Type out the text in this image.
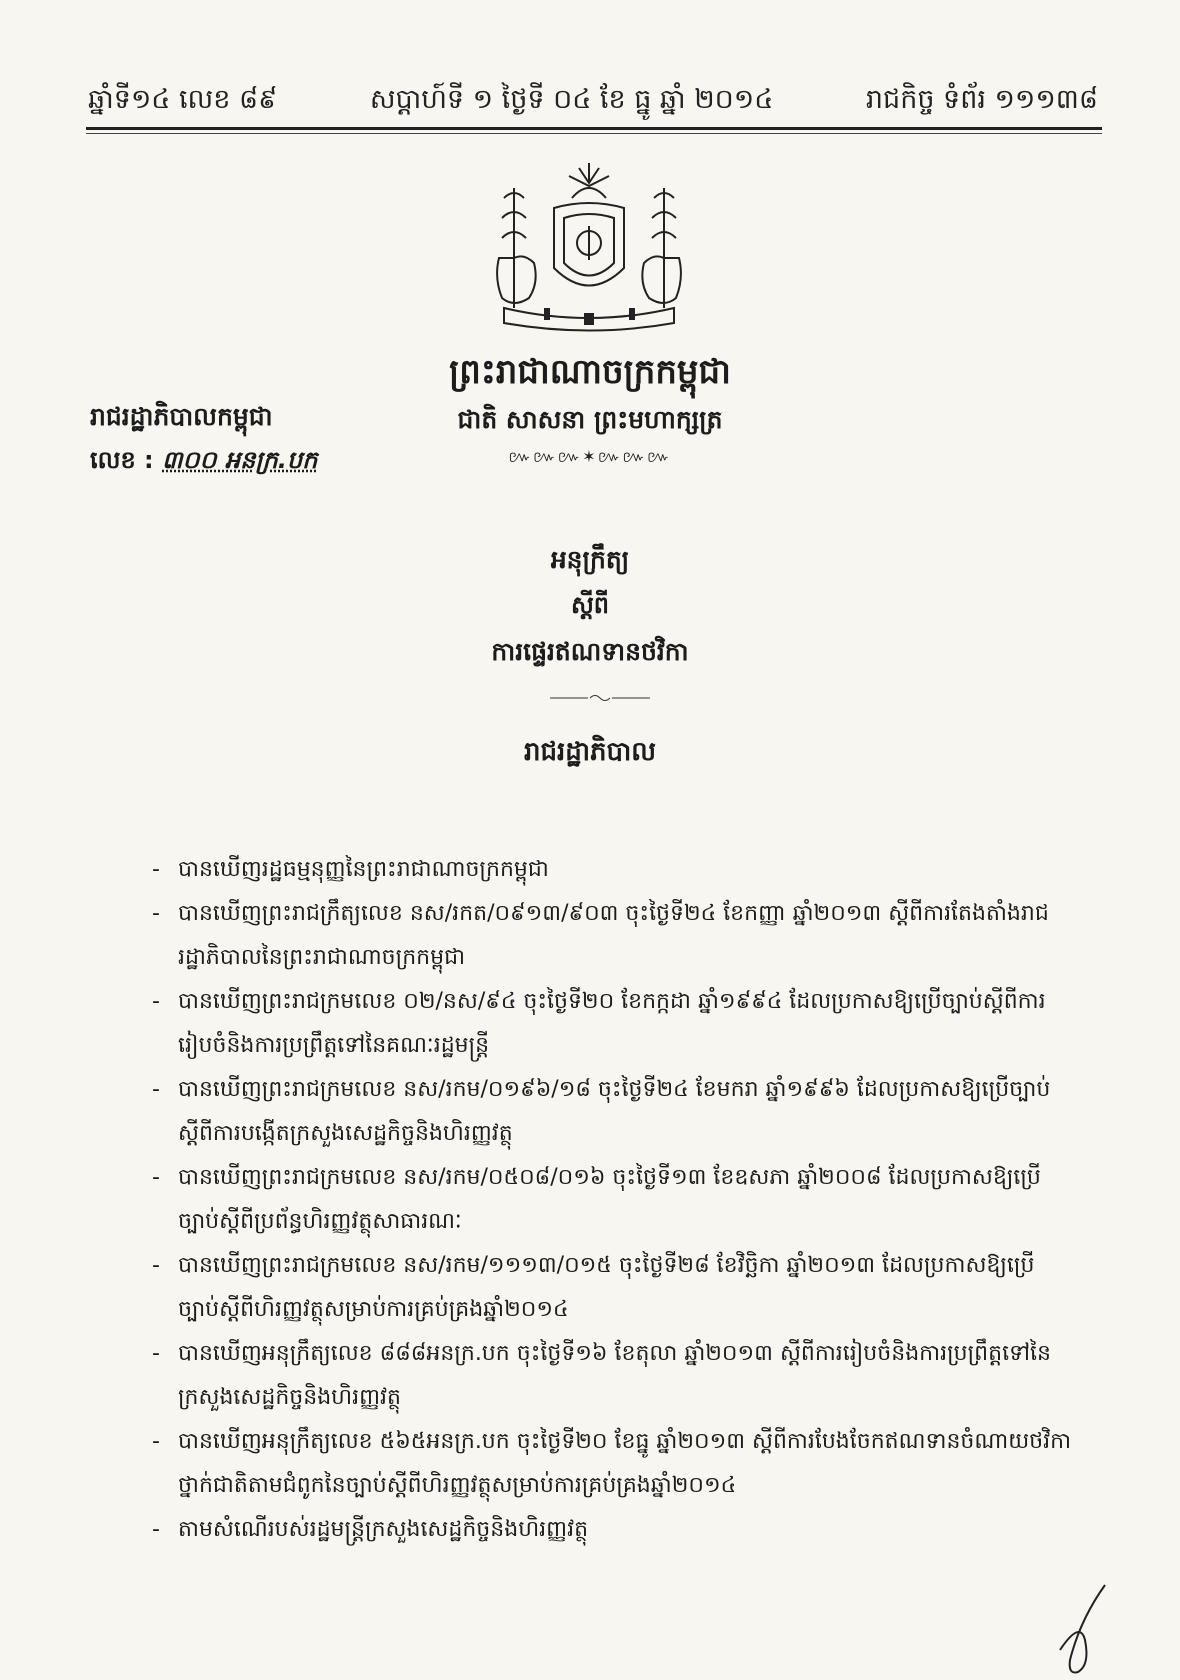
ឆ្នាំទី១៤ លេខ ៨៩	សប្តាហ៍ទី ១ ថ្ងៃទី ០៤ ខែ ធ្នូ ឆ្នាំ ២០១៤	រាជកិច្ច ទំព័រ ១១១៣៨
ព្រះរាជាណាចក្រកម្ពុជា
ជាតិ សាសនា ព្រះមហាក្សត្រ
៚៚៚✶៚៚៚
រាជរដ្ឋាភិបាលកម្ពុជា
លេខ : ៣០០ អនក្រ.បក
អនុក្រឹត្យ
ស្តីពី
ការផ្ទេរឥណទានថវិកា
រាជរដ្ឋាភិបាល
- បានឃើញរដ្ឋធម្មនុញ្ញនៃព្រះរាជាណាចក្រកម្ពុជា
- បានឃើញព្រះរាជក្រឹត្យលេខ នស/រកត/០៩១៣/៩០៣ ចុះថ្ងៃទី២៤ ខែកញ្ញា ឆ្នាំ២០១៣ ស្តីពីការតែងតាំងរាជរដ្ឋាភិបាលនៃព្រះរាជាណាចក្រកម្ពុជា
- បានឃើញព្រះរាជក្រមលេខ ០២/នស/៩៤ ចុះថ្ងៃទី២០ ខែកក្កដា ឆ្នាំ១៩៩៤ ដែលប្រកាសឱ្យប្រើច្បាប់ស្តីពីការរៀបចំនិងការប្រព្រឹត្តទៅនៃគណៈរដ្ឋមន្ត្រី
- បានឃើញព្រះរាជក្រមលេខ នស/រកម/០១៩៦/១៨ ចុះថ្ងៃទី២៤ ខែមករា ឆ្នាំ១៩៩៦ ដែលប្រកាសឱ្យប្រើច្បាប់ស្តីពីការបង្កើតក្រសួងសេដ្ឋកិច្ចនិងហិរញ្ញវត្ថុ
- បានឃើញព្រះរាជក្រមលេខ នស/រកម/០៥០៨/០១៦ ចុះថ្ងៃទី១៣ ខែឧសភា ឆ្នាំ២០០៨ ដែលប្រកាសឱ្យប្រើច្បាប់ស្តីពីប្រព័ន្ធហិរញ្ញវត្ថុសាធារណៈ
- បានឃើញព្រះរាជក្រមលេខ នស/រកម/១១១៣/០១៥ ចុះថ្ងៃទី២៨ ខែវិច្ឆិកា ឆ្នាំ២០១៣ ដែលប្រកាសឱ្យប្រើច្បាប់ស្តីពីហិរញ្ញវត្ថុសម្រាប់ការគ្រប់គ្រងឆ្នាំ២០១៤
- បានឃើញអនុក្រឹត្យលេខ ៨៨៨អនក្រ.បក ចុះថ្ងៃទី១៦ ខែតុលា ឆ្នាំ២០១៣ ស្តីពីការរៀបចំនិងការប្រព្រឹត្តទៅនៃក្រសួងសេដ្ឋកិច្ចនិងហិរញ្ញវត្ថុ
- បានឃើញអនុក្រឹត្យលេខ ៥៦៥អនក្រ.បក ចុះថ្ងៃទី២០ ខែធ្នូ ឆ្នាំ២០១៣ ស្តីពីការបែងចែកឥណទានចំណាយថវិកាថ្នាក់ជាតិតាមជំពូកនៃច្បាប់ស្តីពីហិរញ្ញវត្ថុសម្រាប់ការគ្រប់គ្រងឆ្នាំ២០១៤
- តាមសំណើរបស់រដ្ឋមន្ត្រីក្រសួងសេដ្ឋកិច្ចនិងហិរញ្ញវត្ថុ
